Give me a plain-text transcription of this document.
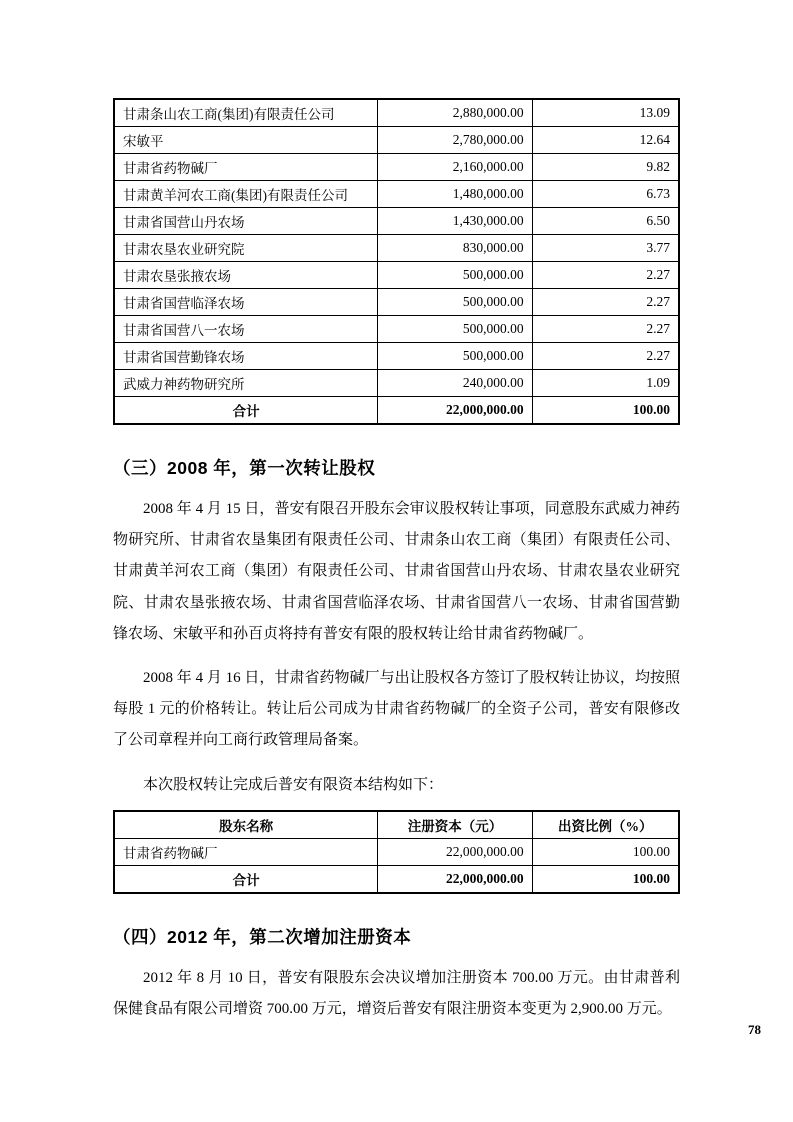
甘肃条山农工商(集团)有限责任公司	2,880,000.00	13.09
宋敏平	2,780,000.00	12.64
甘肃省药物碱厂	2,160,000.00	9.82
甘肃黄羊河农工商(集团)有限责任公司	1,480,000.00	6.73
甘肃省国营山丹农场	1,430,000.00	6.50
甘肃农垦农业研究院	830,000.00	3.77
甘肃农垦张掖农场	500,000.00	2.27
甘肃省国营临泽农场	500,000.00	2.27
甘肃省国营八一农场	500,000.00	2.27
甘肃省国营勤锋农场	500,000.00	2.27
武威力神药物研究所	240,000.00	1.09
合计	22,000,000.00	100.00
（三）2008 年，第一次转让股权

2008 年 4 月 15 日，普安有限召开股东会审议股权转让事项，同意股东武威力神药物研究所、甘肃省农垦集团有限责任公司、甘肃条山农工商（集团）有限责任公司、甘肃黄羊河农工商（集团）有限责任公司、甘肃省国营山丹农场、甘肃农垦农业研究院、甘肃农垦张掖农场、甘肃省国营临泽农场、甘肃省国营八一农场、甘肃省国营勤锋农场、宋敏平和孙百贞将持有普安有限的股权转让给甘肃省药物碱厂。

2008 年 4 月 16 日，甘肃省药物碱厂与出让股权各方签订了股权转让协议，均按照每股 1 元的价格转让。转让后公司成为甘肃省药物碱厂的全资子公司，普安有限修改了公司章程并向工商行政管理局备案。

本次股权转让完成后普安有限资本结构如下：

股东名称	注册资本（元）	出资比例（%）
甘肃省药物碱厂	22,000,000.00	100.00
合计	22,000,000.00	100.00
（四）2012 年，第二次增加注册资本

2012 年 8 月 10 日，普安有限股东会决议增加注册资本 700.00 万元。由甘肃普利保健食品有限公司增资 700.00 万元，增资后普安有限注册资本变更为 2,900.00 万元。

78
